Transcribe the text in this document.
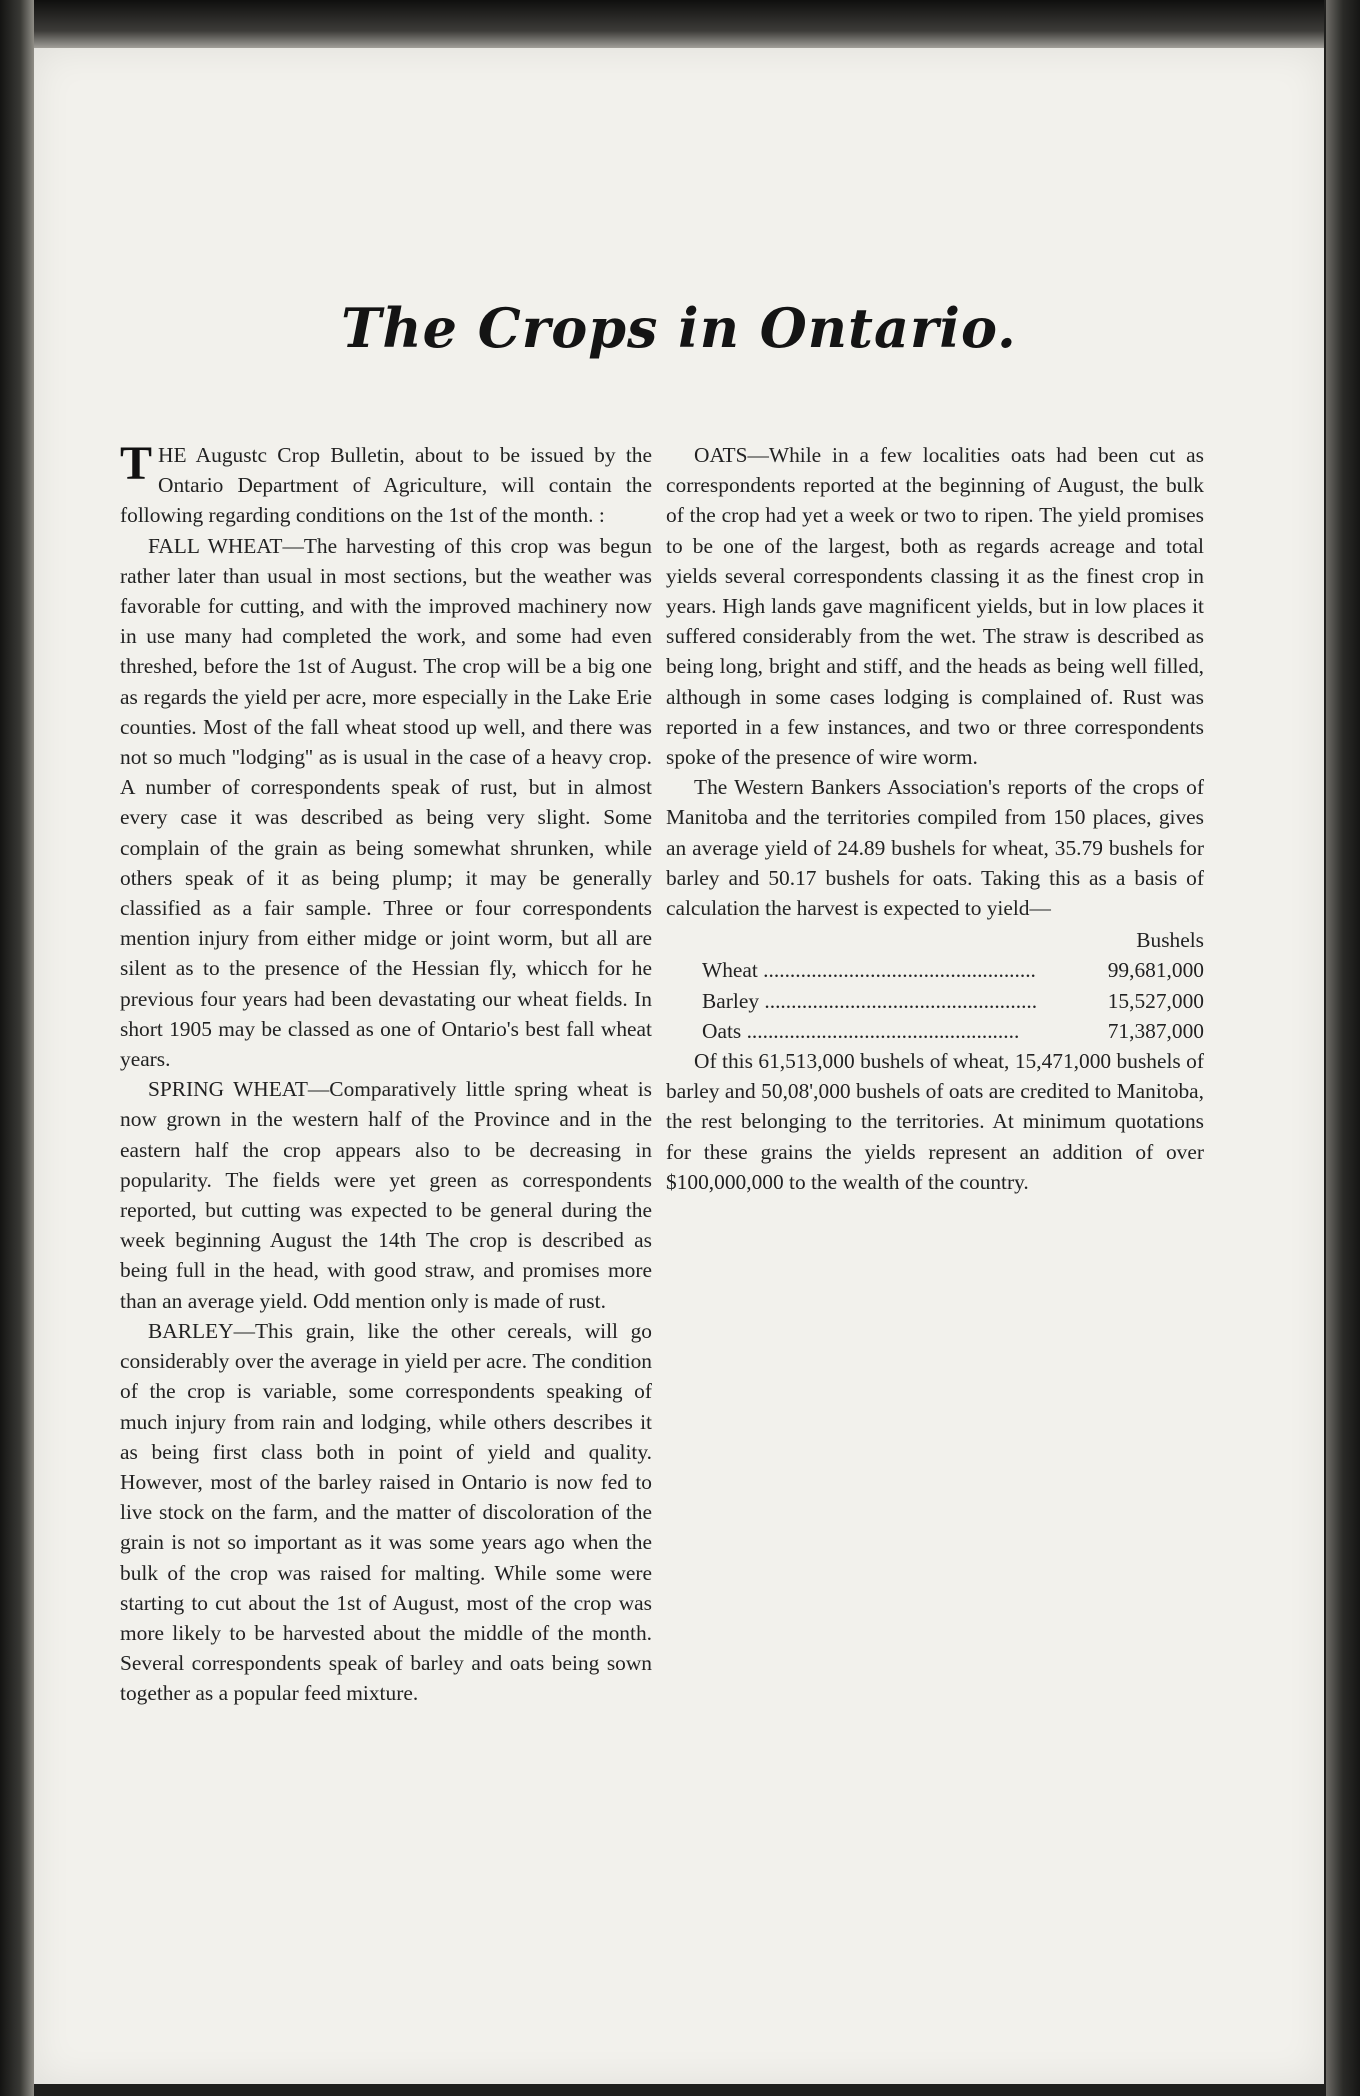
The Crops in Ontario.

THE Augustc Crop Bulletin, about to be issued by the Ontario Department of Agriculture, will contain the following regarding conditions on the 1st of the month. :

FALL WHEAT—The harvesting of this crop was begun rather later than usual in most sections, but the weather was favorable for cutting, and with the improved machinery now in use many had completed the work, and some had even threshed, before the 1st of August. The crop will be a big one as regards the yield per acre, more especially in the Lake Erie counties. Most of the fall wheat stood up well, and there was not so much ''lodging'' as is usual in the case of a heavy crop. A number of correspondents speak of rust, but in almost every case it was described as being very slight. Some complain of the grain as being somewhat shrunken, while others speak of it as being plump; it may be generally classified as a fair sample. Three or four correspondents mention injury from either midge or joint worm, but all are silent as to the presence of the Hessian fly, whicch for he previous four years had been devastating our wheat fields. In short 1905 may be classed as one of Ontario's best fall wheat years.

SPRING WHEAT—Comparatively little spring wheat is now grown in the western half of the Province and in the eastern half the crop appears also to be decreasing in popularity. The fields were yet green as correspondents reported, but cutting was expected to be general during the week beginning August the 14th The crop is described as being full in the head, with good straw, and promises more than an average yield. Odd mention only is made of rust.

BARLEY—This grain, like the other cereals, will go considerably over the average in yield per acre. The condition of the crop is variable, some correspondents speaking of much injury from rain and lodging, while others describes it as being first class both in point of yield and quality. However, most of the barley raised in Ontario is now fed to live stock on the farm, and the matter of discoloration of the grain is not so important as it was some years ago when the bulk of the crop was raised for malting. While some were starting to cut about the 1st of August, most of the crop was more likely to be harvested about the middle of the month. Several correspondents speak of barley and oats being sown together as a popular feed mixture.

OATS—While in a few localities oats had been cut as correspondents reported at the beginning of August, the bulk of the crop had yet a week or two to ripen. The yield promises to be one of the largest, both as regards acreage and total yields several correspondents classing it as the finest crop in years. High lands gave magnificent yields, but in low places it suffered considerably from the wet. The straw is described as being long, bright and stiff, and the heads as being well filled, although in some cases lodging is complained of. Rust was reported in a few instances, and two or three correspondents spoke of the presence of wire worm.

The Western Bankers Association's reports of the crops of Manitoba and the territories compiled from 150 places, gives an average yield of 24.89 bushels for wheat, 35.79 bushels for barley and 50.17 bushels for oats. Taking this as a basis of calculation the harvest is expected to yield—

Bushels
Wheat .....	99,681,000
Barley .....	15,527,000
Oats .....	71,387,000

Of this 61,513,000 bushels of wheat, 15,471,000 bushels of barley and 50,08',000 bushels of oats are credited to Manitoba, the rest belonging to the territories. At minimum quotations for these grains the yields represent an addition of over $100,000,000 to the wealth of the country.
